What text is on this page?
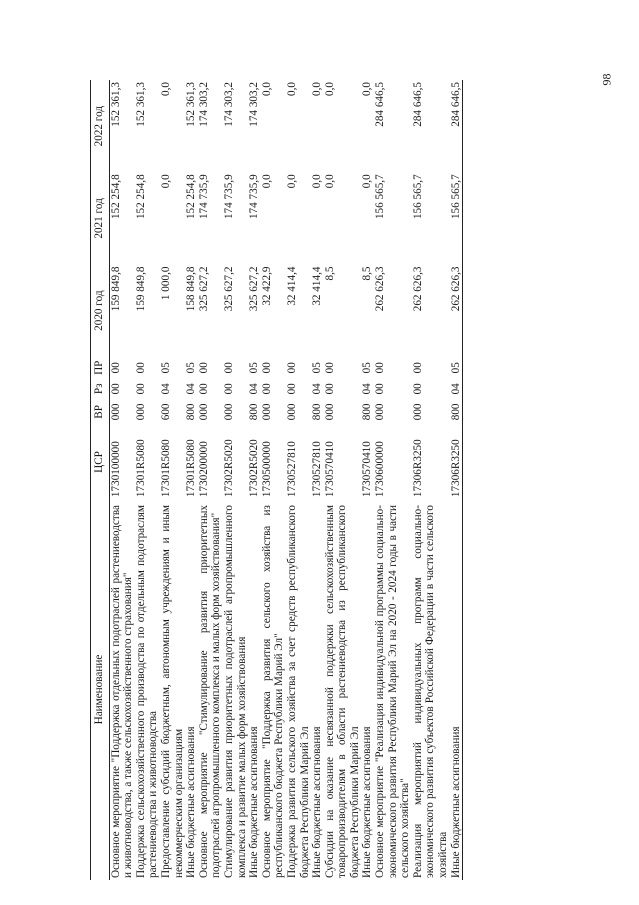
98
Наименование	ЦСР	ВР	Рз	ПР	2020 год	2021 год	2022 год
Основное мероприятие "Поддержка отдельных подотраслей растениеводства и животноводства, а также сельскохозяйственного страхования"	1730100000	000	00	00	159 849,8	152 254,8	152 361,3
Поддержка сельскохозяйственного производства по отдельным подотраслям растениеводства и животноводства	17301R5080	000	00	00	159 849,8	152 254,8	152 361,3
Предоставление субсидий бюджетным, автономным учреждениям и иным некоммерческим организациям	17301R5080	600	04	05	1 000,0	0,0	0,0
Иные бюджетные ассигнования	17301R5080	800	04	05	158 849,8	152 254,8	152 361,3
Основное мероприятие "Стимулирование развития приоритетных подотраслей агропромышленного комплекса и малых форм хозяйствования"	1730200000	000	00	00	325 627,2	174 735,9	174 303,2
Стимулирование развития приоритетных подотраслей агропромышленного комплекса и развитие малых форм хозяйствования	17302R5020	000	00	00	325 627,2	174 735,9	174 303,2
Иные бюджетные ассигнования	17302R5020	800	04	05	325 627,2	174 735,9	174 303,2
Основное мероприятие "Поддержка развития сельского хозяйства из республиканского бюджета Республики Марий Эл"	1730500000	000	00	00	32 422,9	0,0	0,0
Поддержка развития сельского хозяйства за счет средств республиканского бюджета Республики Марий Эл	1730527810	000	00	00	32 414,4	0,0	0,0
Иные бюджетные ассигнования	1730527810	800	04	05	32 414,4	0,0	0,0
Субсидии на оказание несвязанной поддержки сельскохозяйственным товаропроизводителям в области растениеводства из республиканского бюджета Республики Марий Эл	1730570410	000	00	00	8,5	0,0	0,0
Иные бюджетные ассигнования	1730570410	800	04	05	8,5	0,0	0,0
Основное мероприятие "Реализация индивидуальной программы социально-экономического развития Республики Марий Эл на 2020 - 2024 годы в части сельского хозяйства"	1730600000	000	00	00	262 626,3	156 565,7	284 646,5
Реализация мероприятий индивидуальных программ социально-экономического развития субъектов Российской Федерации в части сельского хозяйства	17306R3250	000	00	00	262 626,3	156 565,7	284 646,5
Иные бюджетные ассигнования	17306R3250	800	04	05	262 626,3	156 565,7	284 646,5
